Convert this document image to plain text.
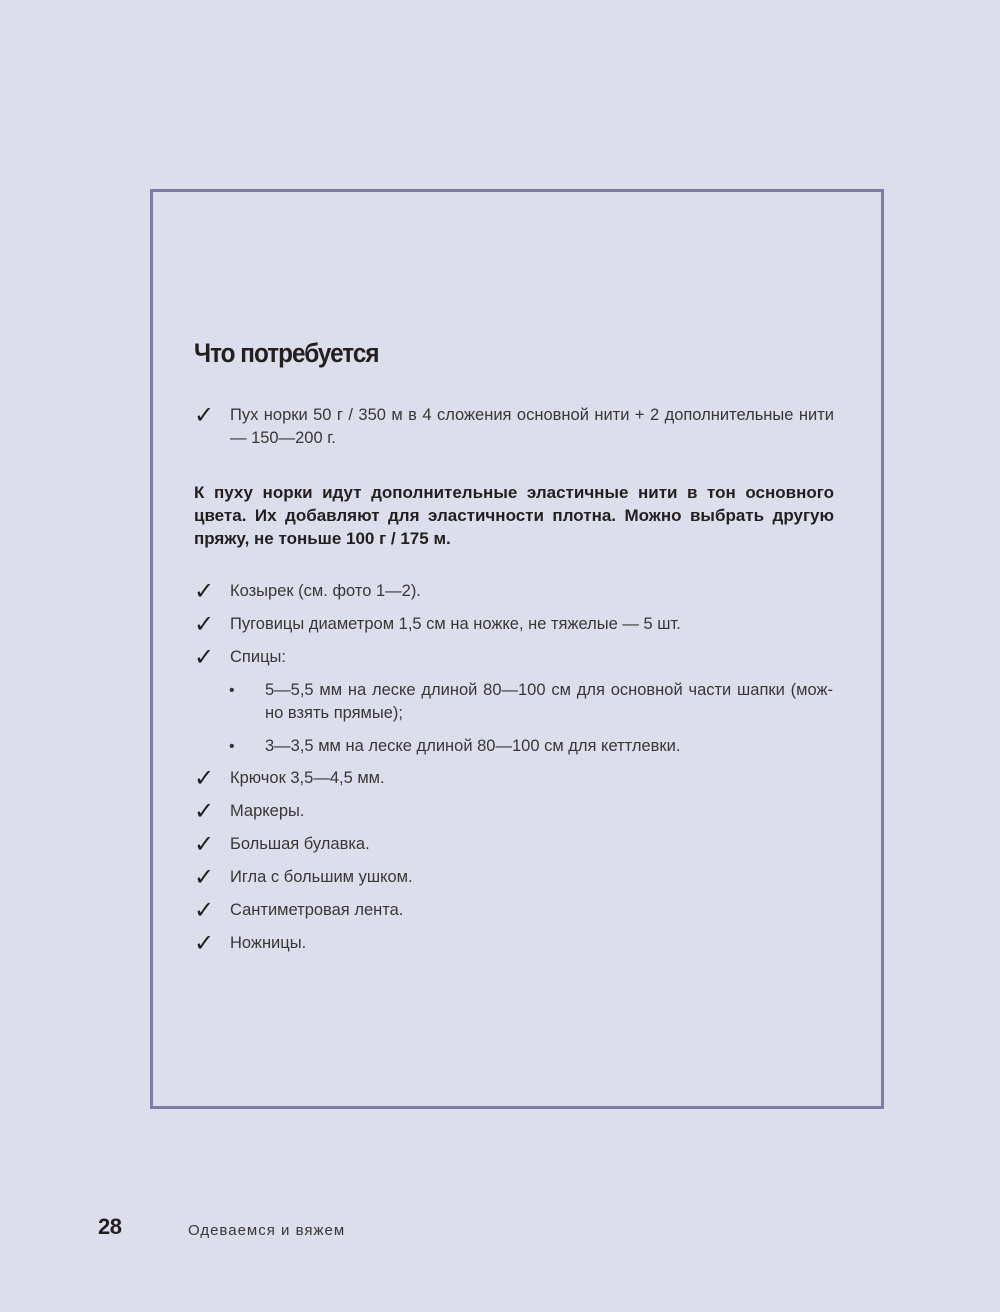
Что потребуется
✓ Пух норки 50 г / 350 м в 4 сложения основной нити + 2 дополнительные нити — 150—200 г.

К пуху норки идут дополнительные эластичные нити в тон основного цвета. Их добавляют для эластичности плотна. Можно выбрать другую пряжу, не тоньше 100 г / 175 м.

✓ Козырек (см. фото 1—2).
✓ Пуговицы диаметром 1,5 см на ножке, не тяжелые — 5 шт.
✓ Спицы:
• 5—5,5 мм на леске длиной 80—100 см для основной части шапки (мож-но взять прямые);
• 3—3,5 мм на леске длиной 80—100 см для кеттлевки.
✓ Крючок 3,5—4,5 мм.
✓ Маркеры.
✓ Большая булавка.
✓ Игла с большим ушком.
✓ Сантиметровая лента.
✓ Ножницы.
28	Одеваемся и вяжем
